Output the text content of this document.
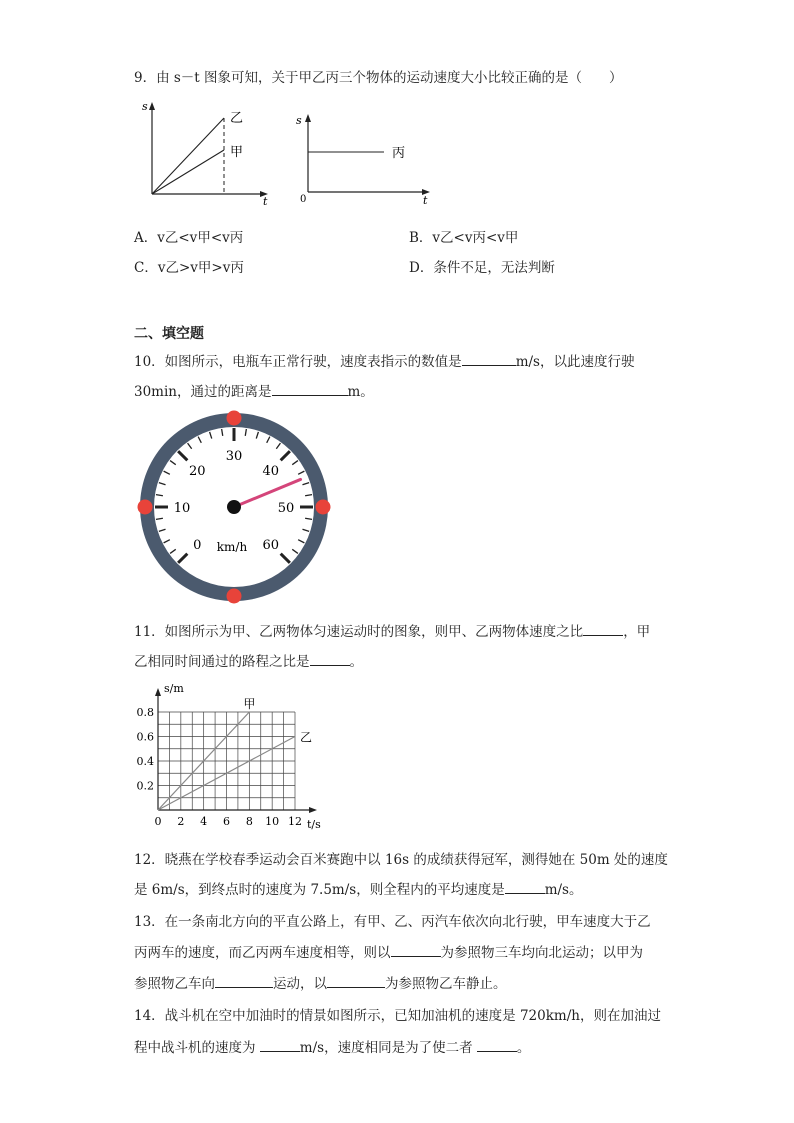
9．由 s－t 图象可知，关于甲乙丙三个物体的运动速度大小比较正确的是（　　）
s
t
乙
甲
s
0	t
丙
A．v乙<v甲<v丙	B．v乙<v丙<v甲
C．v乙>v甲>v丙	D．条件不足，无法判断
二、填空题
10．如图所示，电瓶车正常行驶，速度表指示的数值是	m/s，以此速度行驶
30min，通过的距离是	m。
0
10
20
30
40
50
60
km/h
11．如图所示为甲、乙两物体匀速运动时的图象，则甲、乙两物体速度之比	，甲
乙相同时间通过的路程之比是	。
甲
乙
0 2 4 6 8 10 12
0.2
0.4
0.6
0.8
s/m
t/s
12．晓燕在学校春季运动会百米赛跑中以 16s 的成绩获得冠军，测得她在 50m 处的速度
是 6m/s，到终点时的速度为 7.5m/s，则全程内的平均速度是	m/s。
13．在一条南北方向的平直公路上，有甲、乙、丙汽车依次向北行驶，甲车速度大于乙
丙两车的速度，而乙丙两车速度相等，则以	为参照物三车均向北运动；以甲为
参照物乙车向	运动，以	为参照物乙车静止。
14．战斗机在空中加油时的情景如图所示，已知加油机的速度是 720km/h，则在加油过
程中战斗机的速度为	m/s，速度相同是为了使二者	。
